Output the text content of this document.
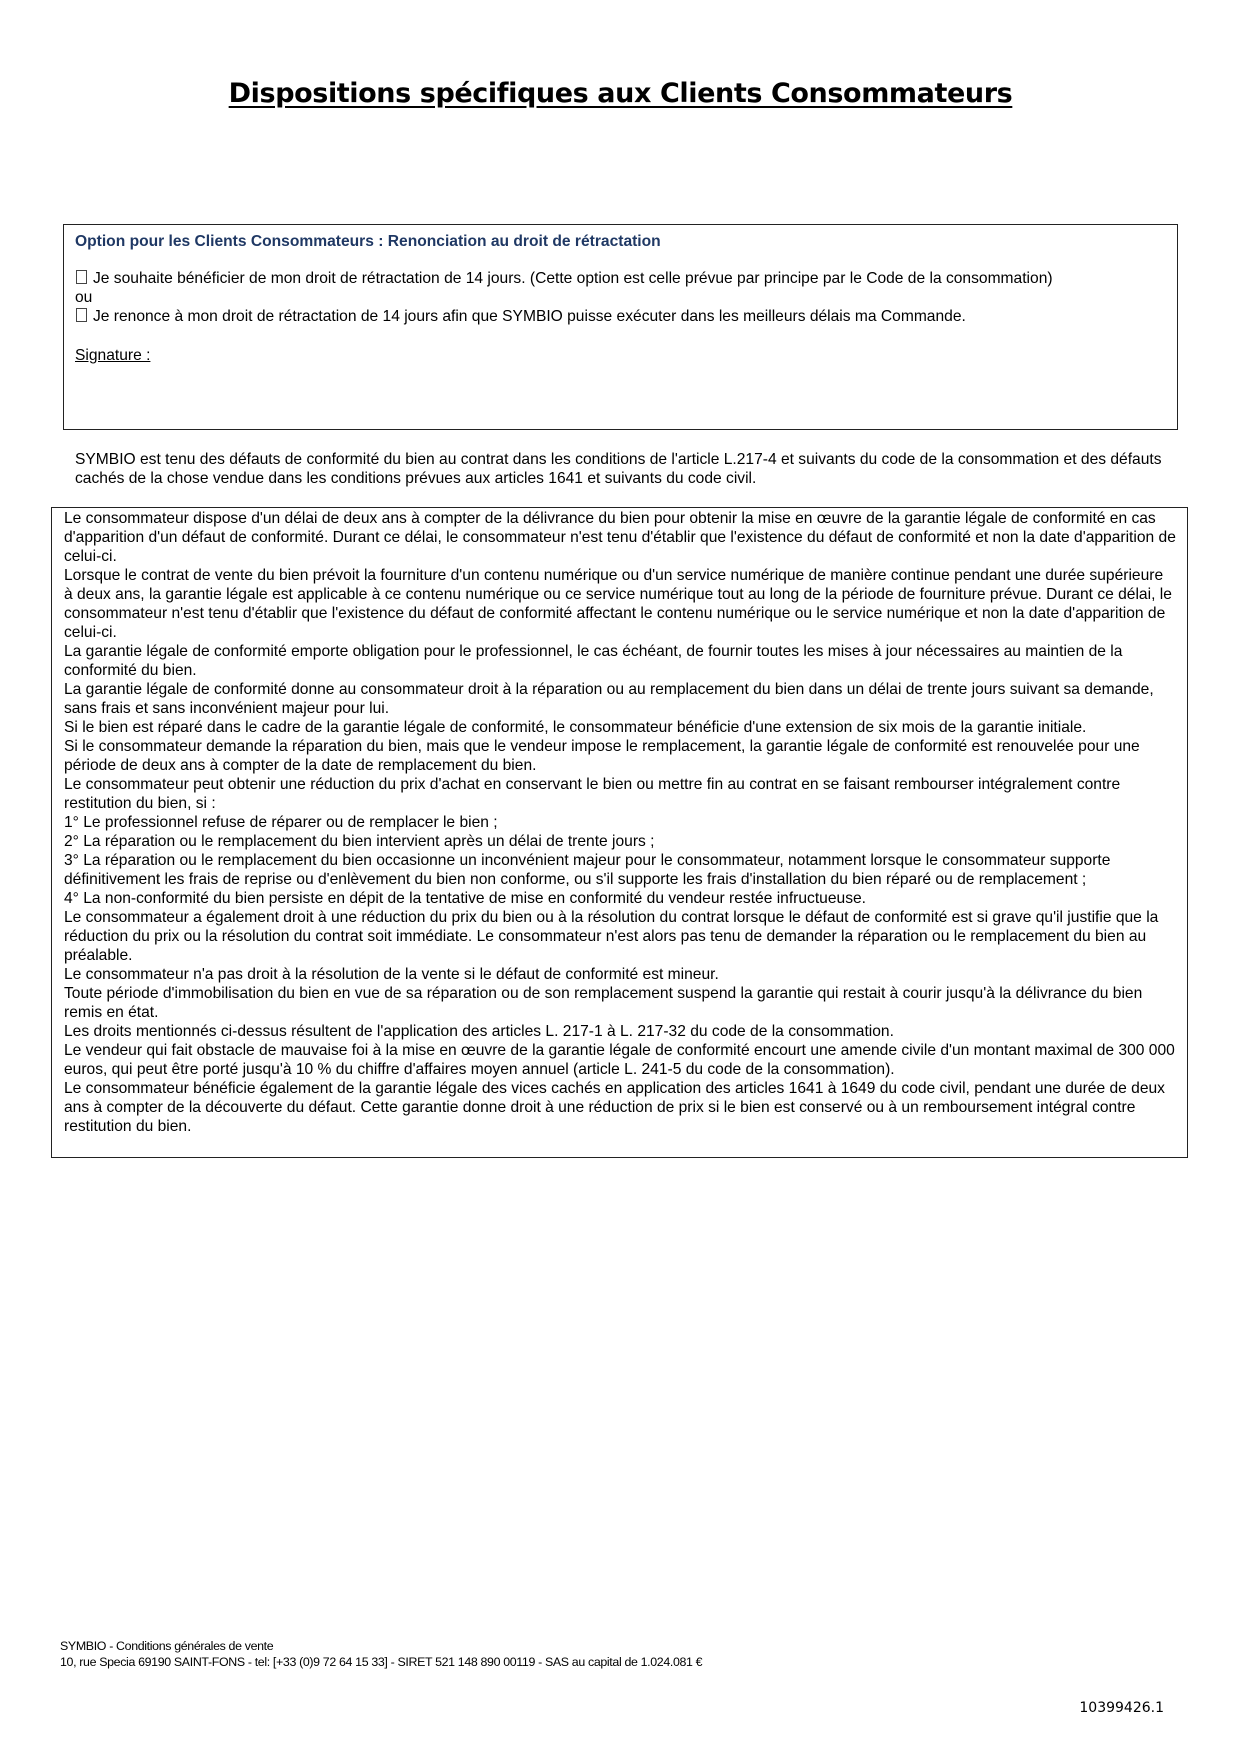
Dispositions spécifiques aux Clients Consommateurs
Option pour les Clients Consommateurs : Renonciation au droit de rétractation
Je souhaite bénéficier de mon droit de rétractation de 14 jours. (Cette option est celle prévue par principe par le Code de la consommation)
ou
Je renonce à mon droit de rétractation de 14 jours afin que SYMBIO puisse exécuter dans les meilleurs délais ma Commande.
Signature :
SYMBIO est tenu des défauts de conformité du bien au contrat dans les conditions de l'article L.217-4 et suivants du code de la consommation et des défauts cachés de la chose vendue dans les conditions prévues aux articles 1641 et suivants du code civil.

Le consommateur dispose d'un délai de deux ans à compter de la délivrance du bien pour obtenir la mise en œuvre de la garantie légale de conformité en cas d'apparition d'un défaut de conformité. Durant ce délai, le consommateur n'est tenu d'établir que l'existence du défaut de conformité et non la date d'apparition de celui-ci.

Lorsque le contrat de vente du bien prévoit la fourniture d'un contenu numérique ou d'un service numérique de manière continue pendant une durée supérieure à deux ans, la garantie légale est applicable à ce contenu numérique ou ce service numérique tout au long de la période de fourniture prévue. Durant ce délai, le consommateur n'est tenu d'établir que l'existence du défaut de conformité affectant le contenu numérique ou le service numérique et non la date d'apparition de celui-ci.

La garantie légale de conformité emporte obligation pour le professionnel, le cas échéant, de fournir toutes les mises à jour nécessaires au maintien de la conformité du bien.

La garantie légale de conformité donne au consommateur droit à la réparation ou au remplacement du bien dans un délai de trente jours suivant sa demande, sans frais et sans inconvénient majeur pour lui.

Si le bien est réparé dans le cadre de la garantie légale de conformité, le consommateur bénéficie d'une extension de six mois de la garantie initiale.

Si le consommateur demande la réparation du bien, mais que le vendeur impose le remplacement, la garantie légale de conformité est renouvelée pour une période de deux ans à compter de la date de remplacement du bien.

Le consommateur peut obtenir une réduction du prix d'achat en conservant le bien ou mettre fin au contrat en se faisant rembourser intégralement contre restitution du bien, si :

1° Le professionnel refuse de réparer ou de remplacer le bien ;

2° La réparation ou le remplacement du bien intervient après un délai de trente jours ;

3° La réparation ou le remplacement du bien occasionne un inconvénient majeur pour le consommateur, notamment lorsque le consommateur supporte définitivement les frais de reprise ou d'enlèvement du bien non conforme, ou s'il supporte les frais d'installation du bien réparé ou de remplacement ;

4° La non-conformité du bien persiste en dépit de la tentative de mise en conformité du vendeur restée infructueuse.

Le consommateur a également droit à une réduction du prix du bien ou à la résolution du contrat lorsque le défaut de conformité est si grave qu'il justifie que la réduction du prix ou la résolution du contrat soit immédiate. Le consommateur n'est alors pas tenu de demander la réparation ou le remplacement du bien au préalable.

Le consommateur n'a pas droit à la résolution de la vente si le défaut de conformité est mineur.

Toute période d'immobilisation du bien en vue de sa réparation ou de son remplacement suspend la garantie qui restait à courir jusqu'à la délivrance du bien remis en état.

Les droits mentionnés ci-dessus résultent de l'application des articles L. 217-1 à L. 217-32 du code de la consommation.

Le vendeur qui fait obstacle de mauvaise foi à la mise en œuvre de la garantie légale de conformité encourt une amende civile d'un montant maximal de 300 000 euros, qui peut être porté jusqu'à 10 % du chiffre d'affaires moyen annuel (article L. 241-5 du code de la consommation).

Le consommateur bénéficie également de la garantie légale des vices cachés en application des articles 1641 à 1649 du code civil, pendant une durée de deux ans à compter de la découverte du défaut. Cette garantie donne droit à une réduction de prix si le bien est conservé ou à un remboursement intégral contre restitution du bien.

SYMBIO - Conditions générales de vente
10, rue Specia 69190 SAINT-FONS - tel: [+33 (0)9 72 64 15 33] - SIRET 521 148 890 00119 - SAS au capital de 1.024.081 €
10399426.1
